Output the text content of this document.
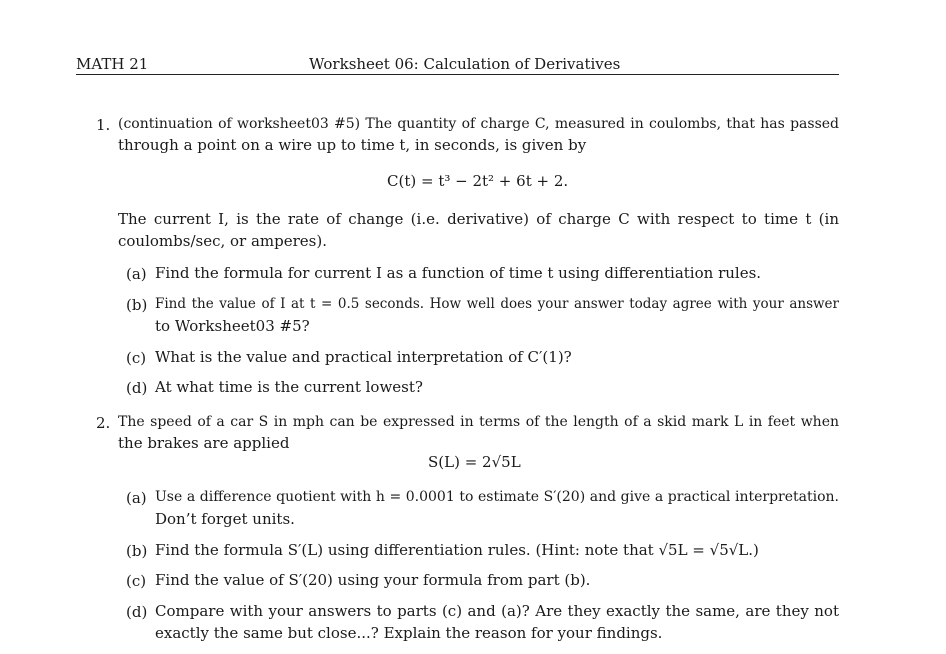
MATH 21	Worksheet 06: Calculation of Derivatives
1. (continuation of worksheet03 #5) The quantity of charge C, measured in coulombs, that has passed
through a point on a wire up to time t, in seconds, is given by
C(t) = t³ − 2t² + 6t + 2.
The current I, is the rate of change (i.e. derivative) of charge C with respect to time t (in
coulombs/sec, or amperes).
(a) Find the formula for current I as a function of time t using differentiation rules.
(b) Find the value of I at t = 0.5 seconds. How well does your answer today agree with your answer
to Worksheet03 #5?
(c) What is the value and practical interpretation of C′(1)?
(d) At what time is the current lowest?
2. The speed of a car S in mph can be expressed in terms of the length of a skid mark L in feet when
the brakes are applied
S(L) = 2√5L
(a) Use a difference quotient with h = 0.0001 to estimate S′(20) and give a practical interpretation.
Don’t forget units.
(b) Find the formula S′(L) using differentiation rules. (Hint: note that √5L = √5√L.)
(c) Find the value of S′(20) using your formula from part (b).
(d) Compare with your answers to parts (c) and (a)? Are they exactly the same, are they not
exactly the same but close...? Explain the reason for your findings.
